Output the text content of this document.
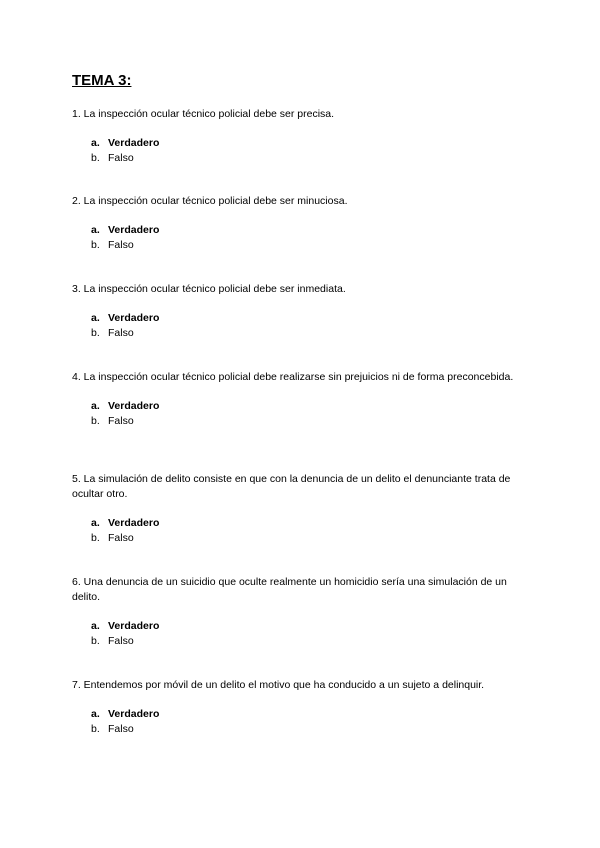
TEMA 3:

1. La inspección ocular técnico policial debe ser precisa.

a. Verdadero
b. Falso

2. La inspección ocular técnico policial debe ser minuciosa.

a. Verdadero
b. Falso

3. La inspección ocular técnico policial debe ser inmediata.

a. Verdadero
b. Falso

4. La inspección ocular técnico policial debe realizarse sin prejuicios ni de forma preconcebida.

a. Verdadero
b. Falso

5. La simulación de delito consiste en que con la denuncia de un delito el denunciante trata de ocultar otro.

a. Verdadero
b. Falso

6. Una denuncia de un suicidio que oculte realmente un homicidio sería una simulación de un delito.

a. Verdadero
b. Falso

7. Entendemos por móvil de un delito el motivo que ha conducido a un sujeto a delinquir.

a. Verdadero
b. Falso
